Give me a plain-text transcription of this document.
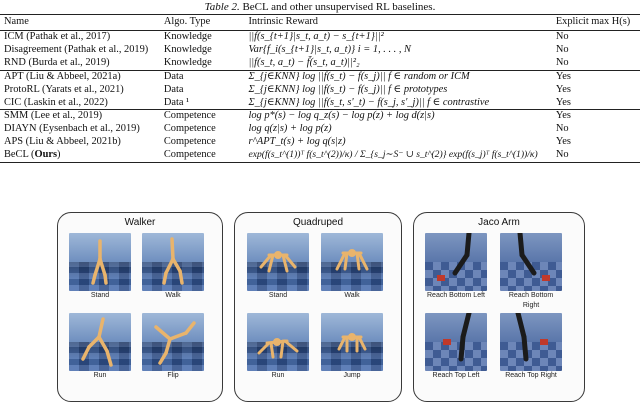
Table 2. BeCL and other unsupervised RL baselines.
Name	Algo. Type	Intrinsic Reward	Explicit max H(s)
ICM (Pathak et al., 2017)	Knowledge	||f(s_{t+1}|s_t, a_t) − s_{t+1}||²	No
Disagreement (Pathak et al., 2019)	Knowledge	Var{f_i(s_{t+1}|s_t, a_t)} i = 1, . . . , N	No
RND (Burda et al., 2019)	Knowledge	||f(s_t, a_t) − f̃(s_t, a_t)||²₂	No
APT (Liu & Abbeel, 2021a)	Data	Σ_{j∈KNN} log ||f(s_t) − f(s_j)|| f ∈ random or ICM	Yes
ProtoRL (Yarats et al., 2021)	Data	Σ_{j∈KNN} log ||f(s_t) − f(s_j)|| f ∈ prototypes	Yes
CIC (Laskin et al., 2022)	Data ¹	Σ_{j∈KNN} log ||f(s_t, s'_t) − f(s_j, s'_j)|| f ∈ contrastive	Yes
SMM (Lee et al., 2019)	Competence	log p*(s) − log q_z(s) − log p(z) + log d(z|s)	Yes
DIAYN (Eysenbach et al., 2019)	Competence	log q(z|s) + log p(z)	No
APS (Liu & Abbeel, 2021b)	Competence	r^APT_t(s) + log q(s|z)	Yes
BeCL (Ours)	Competence	exp(f(s_t^(1))ᵀ f(s_t^(2))/κ) / Σ_{s_j∼S⁻ ∪ s_t^(2)} exp(f(s_j)ᵀ f(s_t^(1))/κ)	No
Walker
Stand	Walk
Run	Flip
Quadruped
Stand	Walk
Run	Jump
Jaco Arm
Reach Bottom Left	Reach Bottom Right
Reach Top Left	Reach Top Right
